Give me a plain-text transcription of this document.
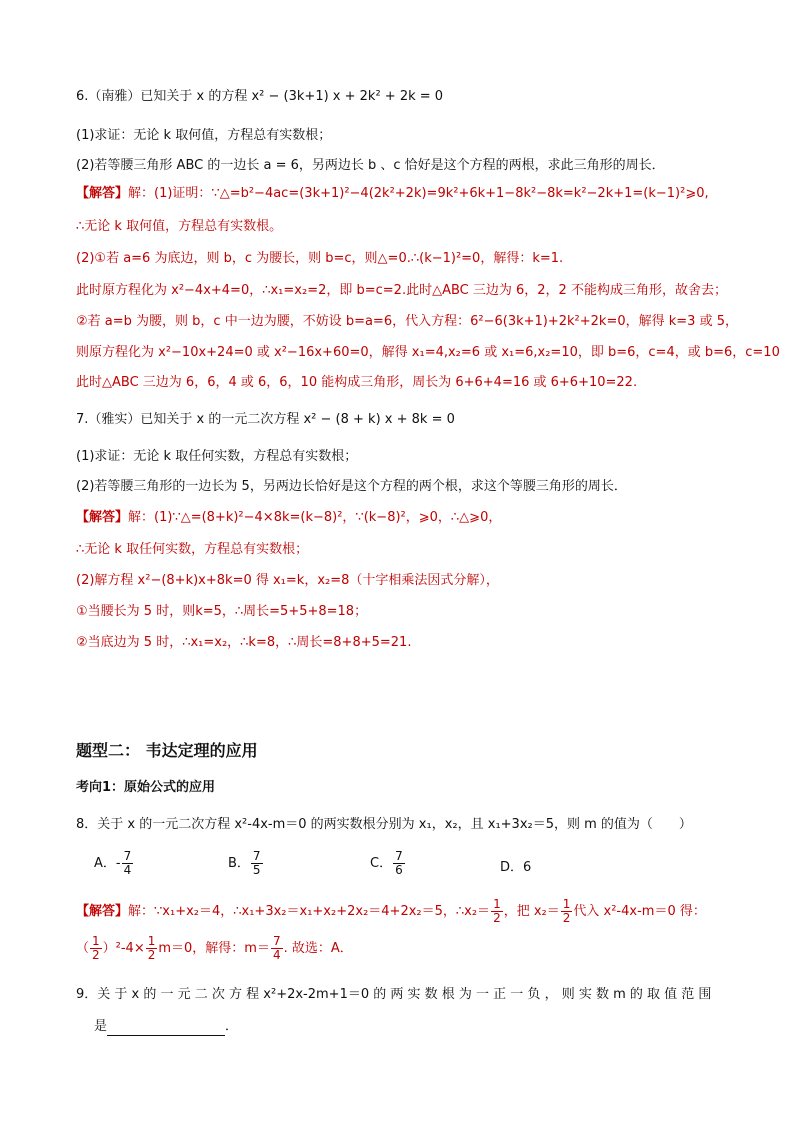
6.（南雅）已知关于 x 的方程 x² − (3k+1) x + 2k² + 2k = 0
(1)求证：无论 k 取何值，方程总有实数根；
(2)若等腰三角形 ABC 的一边长 a = 6，另两边长 b 、c 恰好是这个方程的两根，求此三角形的周长．
【解答】解：(1)证明：∵△=b²−4ac=(3k+1)²−4(2k²+2k)=9k²+6k+1−8k²−8k=k²−2k+1=(k−1)²⩾0,
∴无论 k 取何值，方程总有实数根。
(2)①若 a=6 为底边，则 b，c 为腰长，则 b=c，则△=0.∴(k−1)²=0，解得：k=1.
此时原方程化为 x²−4x+4=0，∴x₁=x₂=2，即 b=c=2.此时△ABC 三边为 6，2，2 不能构成三角形，故舍去；
②若 a=b 为腰，则 b，c 中一边为腰，不妨设 b=a=6，代入方程：6²−6(3k+1)+2k²+2k=0，解得 k=3 或 5，
则原方程化为 x²−10x+24=0 或 x²−16x+60=0，解得 x₁=4,x₂=6 或 x₁=6,x₂=10，即 b=6，c=4，或 b=6，c=10
此时△ABC 三边为 6，6，4 或 6，6，10 能构成三角形，周长为 6+6+4=16 或 6+6+10=22.
7.（雅实）已知关于 x 的一元二次方程 x² − (8 + k) x + 8k = 0
(1)求证：无论 k 取任何实数，方程总有实数根；
(2)若等腰三角形的一边长为 5，另两边长恰好是这个方程的两个根，求这个等腰三角形的周长．
【解答】解：(1)∵△=(8+k)²−4×8k=(k−8)²，∵(k−8)²，⩾0，∴△⩾0，
∴无论 k 取任何实数，方程总有实数根；
(2)解方程 x²−(8+k)x+8k=0 得 x₁=k，x₂=8（十字相乘法因式分解），
①当腰长为 5 时，则k=5，∴周长=5+5+8=18；
②当底边为 5 时，∴x₁=x₂，∴k=8，∴周长=8+8+5=21.
题型二： 韦达定理的应用
考向1：原始公式的应用
8．关于 x 的一元二次方程 x²-4x-m＝0 的两实数根分别为 x₁，x₂，且 x₁+3x₂＝5，则 m 的值为（　　）
A．- $\frac{7}{4}$	B． $\frac{7}{5}$	C． $\frac{7}{6}$	D．6
【解答】解：∵x₁+x₂＝4，∴x₁+3x₂＝x₁+x₂+2x₂＝4+2x₂＝5，∴x₂＝ $\frac{1}{2}$ ，把 $x_2= \frac{1}{2}$ 代入 x²-4x-m＝0 得：
（ $\frac{1}{2} )^2-4\times \frac{1}{2} m=0$，解得：$m= \frac{7}{4}$ . 故选：A．
9．关 于 x 的 一 元 二 次 方 程 x²+2x-2m+1＝0 的 两 实 数 根 为 一 正 一 负 ， 则 实 数 m 的 取 值 范 围
是	．
